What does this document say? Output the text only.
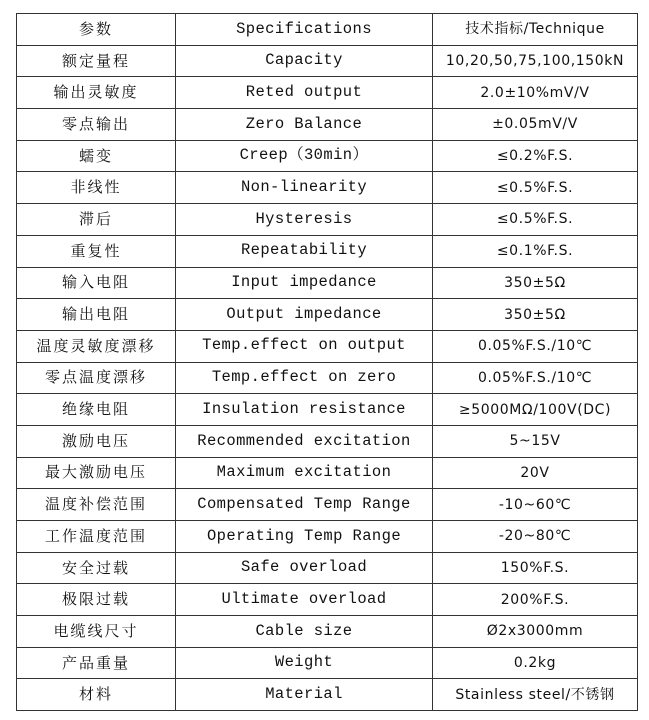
参数	Specifications	技术指标/Technique
额定量程	Capacity	10,20,50,75,100,150kN
输出灵敏度	Reted output	2.0±10%mV/V
零点输出	Zero Balance	±0.05mV/V
蠕变	Creep（30min）	≤0.2%F.S.
非线性	Non-linearity	≤0.5%F.S.
滞后	Hysteresis	≤0.5%F.S.
重复性	Repeatability	≤0.1%F.S.
输入电阻	Input impedance	350±5Ω
输出电阻	Output impedance	350±5Ω
温度灵敏度漂移	Temp.effect on output	0.05%F.S./10℃
零点温度漂移	Temp.effect on zero	0.05%F.S./10℃
绝缘电阻	Insulation resistance	≥5000MΩ/100V(DC)
激励电压	Recommended excitation	5~15V
最大激励电压	Maximum excitation	20V
温度补偿范围	Compensated Temp Range	-10~60℃
工作温度范围	Operating Temp Range	-20~80℃
安全过载	Safe overload	150%F.S.
极限过载	Ultimate overload	200%F.S.
电缆线尺寸	Cable size	Ø2x3000mm
产品重量	Weight	0.2kg
材料	Material	Stainless steel/不锈钢
